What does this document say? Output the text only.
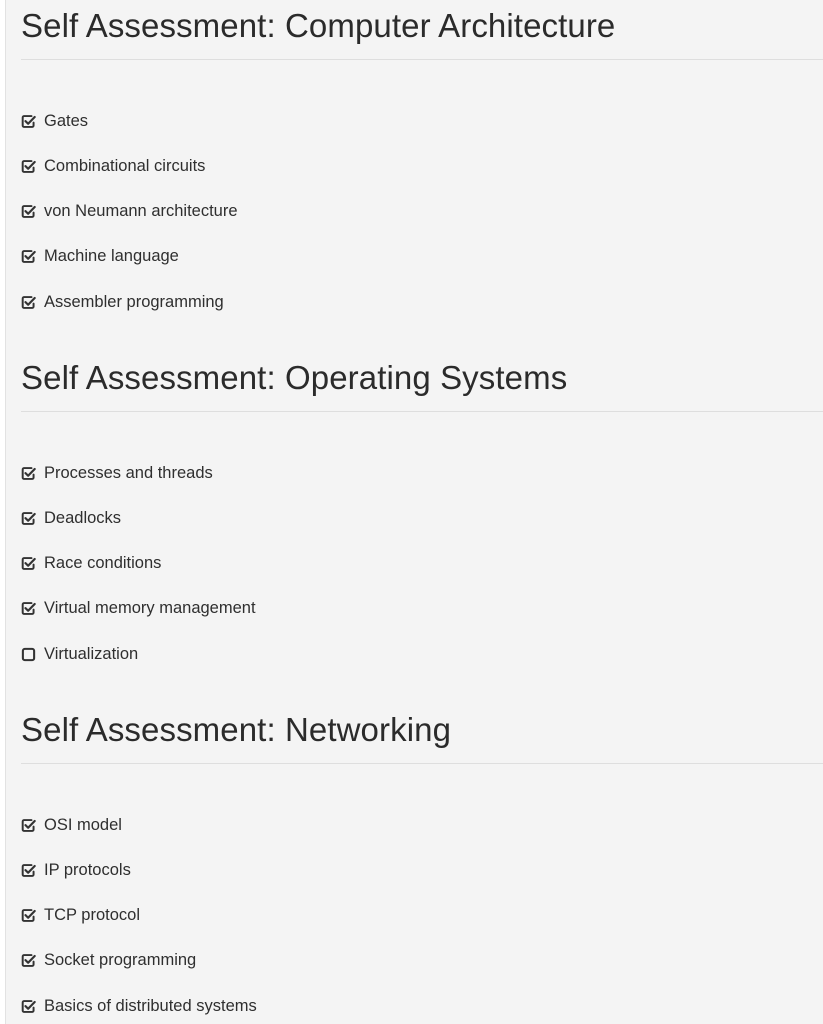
Self Assessment: Computer Architecture
Gates
Combinational circuits
von Neumann architecture
Machine language
Assembler programming
Self Assessment: Operating Systems
Processes and threads
Deadlocks
Race conditions
Virtual memory management
Virtualization
Self Assessment: Networking
OSI model
IP protocols
TCP protocol
Socket programming
Basics of distributed systems
